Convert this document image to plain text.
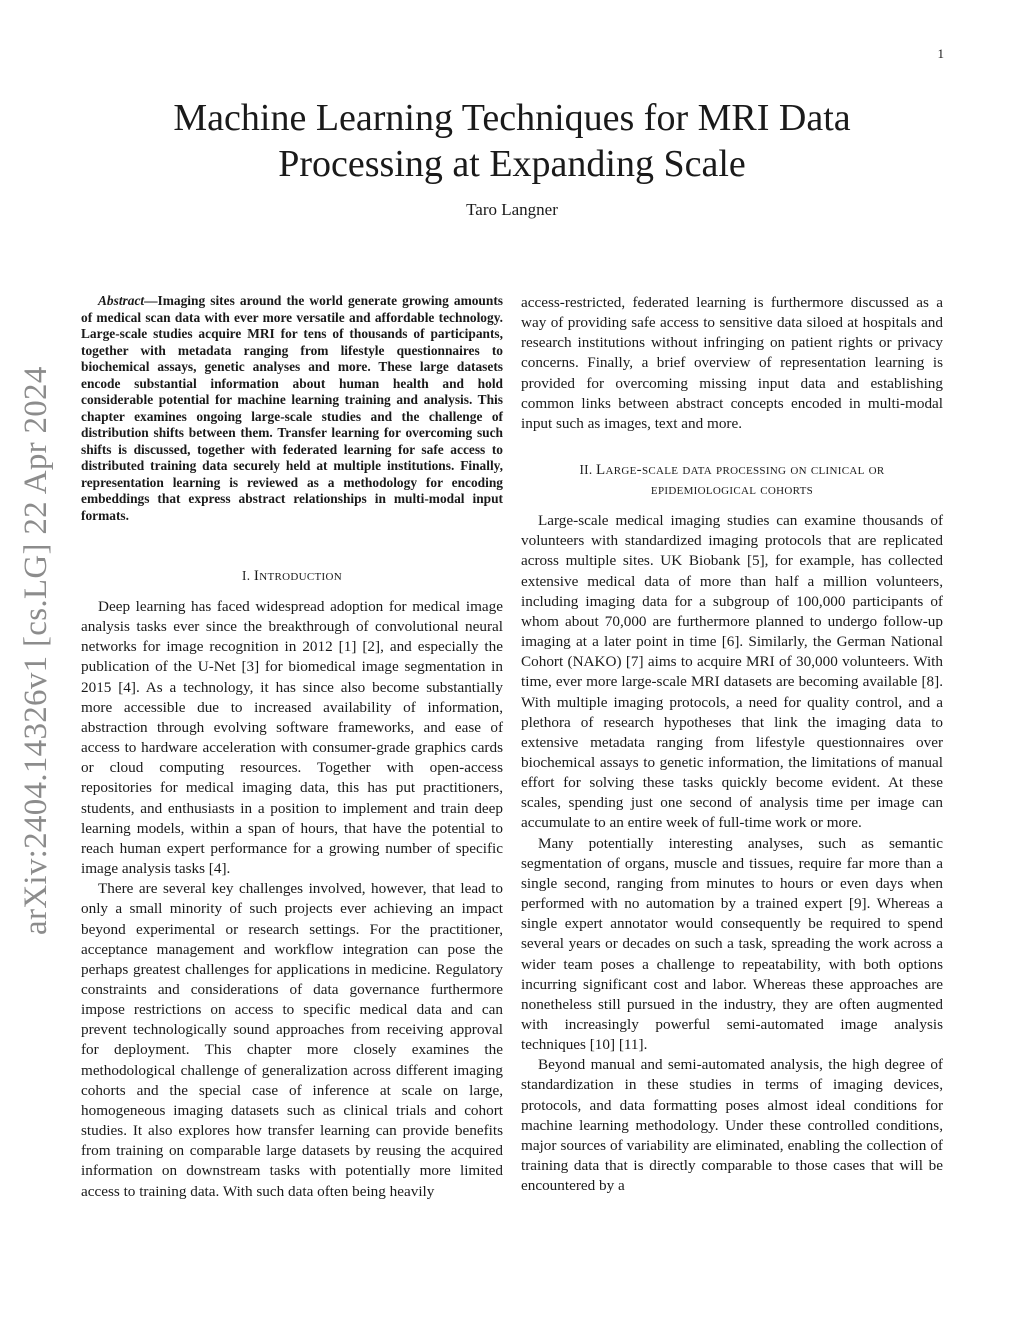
1
arXiv:2404.14326v1 [cs.LG] 22 Apr 2024
Machine Learning Techniques for MRI Data
Processing at Expanding Scale
Taro Langner

Abstract—Imaging sites around the world generate growing amounts of medical scan data with ever more versatile and affordable technology. Large-scale studies acquire MRI for tens of thousands of participants, together with metadata ranging from lifestyle questionnaires to biochemical assays, genetic analyses and more. These large datasets encode substantial information about human health and hold considerable potential for machine learning training and analysis. This chapter examines ongoing large-scale studies and the challenge of distribution shifts between them. Transfer learning for overcoming such shifts is discussed, together with federated learning for safe access to distributed training data securely held at multiple institutions. Finally, representation learning is reviewed as a methodology for encoding embeddings that express abstract relationships in multi-modal input formats.

I. Introduction

Deep learning has faced widespread adoption for medical image analysis tasks ever since the breakthrough of convolutional neural networks for image recognition in 2012 [1] [2], and especially the publication of the U-Net [3] for biomedical image segmentation in 2015 [4]. As a technology, it has since also become substantially more accessible due to increased availability of information, abstraction through evolving software frameworks, and ease of access to hardware acceleration with consumer-grade graphics cards or cloud computing resources. Together with open-access repositories for medical imaging data, this has put practitioners, students, and enthusiasts in a position to implement and train deep learning models, within a span of hours, that have the potential to reach human expert performance for a growing number of specific image analysis tasks [4].

There are several key challenges involved, however, that lead to only a small minority of such projects ever achieving an impact beyond experimental or research settings. For the practitioner, acceptance management and workflow integration can pose the perhaps greatest challenges for applications in medicine. Regulatory constraints and considerations of data governance furthermore impose restrictions on access to specific medical data and can prevent technologically sound approaches from receiving approval for deployment. This chapter more closely examines the methodological challenge of generalization across different imaging cohorts and the special case of inference at scale on large, homogeneous imaging datasets such as clinical trials and cohort studies. It also explores how transfer learning can provide benefits from training on comparable large datasets by reusing the acquired information on downstream tasks with potentially more limited access to training data. With such data often being heavily

access-restricted, federated learning is furthermore discussed as a way of providing safe access to sensitive data siloed at hospitals and research institutions without infringing on patient rights or privacy concerns. Finally, a brief overview of representation learning is provided for overcoming missing input data and establishing common links between abstract concepts encoded in multi-modal input such as images, text and more.

II. Large-scale data processing on clinical or
epidemiological cohorts

Large-scale medical imaging studies can examine thousands of volunteers with standardized imaging protocols that are replicated across multiple sites. UK Biobank [5], for example, has collected extensive medical data of more than half a million volunteers, including imaging data for a subgroup of 100,000 participants of whom about 70,000 are furthermore planned to undergo follow-up imaging at a later point in time [6]. Similarly, the German National Cohort (NAKO) [7] aims to acquire MRI of 30,000 volunteers. With time, ever more large-scale MRI datasets are becoming available [8]. With multiple imaging protocols, a need for quality control, and a plethora of research hypotheses that link the imaging data to extensive metadata ranging from lifestyle questionnaires over biochemical assays to genetic information, the limitations of manual effort for solving these tasks quickly become evident. At these scales, spending just one second of analysis time per image can accumulate to an entire week of full-time work or more.

Many potentially interesting analyses, such as semantic segmentation of organs, muscle and tissues, require far more than a single second, ranging from minutes to hours or even days when performed with no automation by a trained expert [9]. Whereas a single expert annotator would consequently be required to spend several years or decades on such a task, spreading the work across a wider team poses a challenge to repeatability, with both options incurring significant cost and labor. Whereas these approaches are nonetheless still pursued in the industry, they are often augmented with increasingly powerful semi-automated image analysis techniques [10] [11].

Beyond manual and semi-automated analysis, the high degree of standardization in these studies in terms of imaging devices, protocols, and data formatting poses almost ideal conditions for machine learning methodology. Under these controlled conditions, major sources of variability are eliminated, enabling the collection of training data that is directly comparable to those cases that will be encountered by a
